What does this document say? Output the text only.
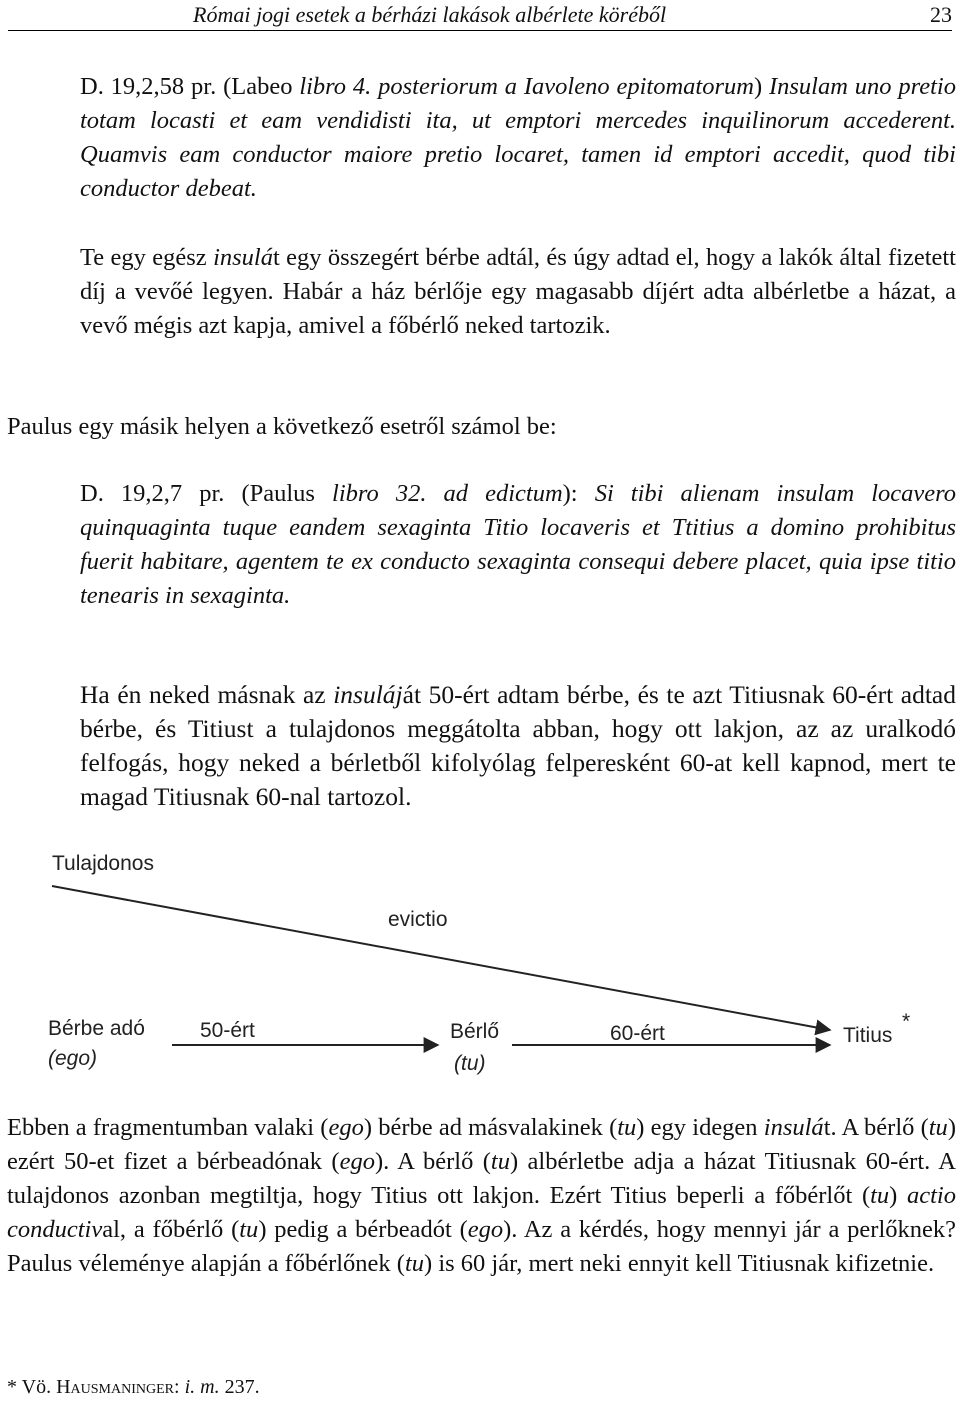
Római jogi esetek a bérházi lakások albérlete köréből	23

D. 19,2,58 pr. (Labeo libro 4. posteriorum a Iavoleno epitomatorum) Insulam uno pretio totam locasti et eam vendidisti ita, ut emptori mercedes inquilinorum accederent. Quamvis eam conductor maiore pretio locaret, tamen id emptori accedit, quod tibi conductor debeat.

Te egy egész insulát egy összegért bérbe adtál, és úgy adtad el, hogy a lakók által fizetett díj a vevőé legyen. Habár a ház bérlője egy magasabb díjért adta albérletbe a házat, a vevő mégis azt kapja, amivel a főbérlő neked tartozik.

Paulus egy másik helyen a következő esetről számol be:

D. 19,2,7 pr. (Paulus libro 32. ad edictum): Si tibi alienam insulam locavero quinquaginta tuque eandem sexaginta Titio locaveris et Ttitius a domino prohibitus fuerit habitare, agentem te ex conducto sexaginta consequi debere placet, quia ipse titio tenearis in sexaginta.

Ha én neked másnak az insuláját 50-ért adtam bérbe, és te azt Titiusnak 60-ért adtad bérbe, és Titiust a tulajdonos meggátolta abban, hogy ott lakjon, az az uralkodó felfogás, hogy neked a bérletből kifolyólag felperesként 60-at kell kapnod, mert te magad Titiusnak 60-nal tartozol.

Tulajdonos
evictio
Bérbe adó
(ego)
50-ért	Bérlő
(tu)
60-ért	Titius
*

Ebben a fragmentumban valaki (ego) bérbe ad másvalakinek (tu) egy idegen insulát. A bérlő (tu) ezért 50-et fizet a bérbeadónak (ego). A bérlő (tu) albérletbe adja a házat Titiusnak 60-ért. A tulajdonos azonban megtiltja, hogy Titius ott lakjon. Ezért Titius beperli a főbérlőt (tu) actio conductival, a főbérlő (tu) pedig a bérbeadót (ego). Az a kérdés, hogy mennyi jár a perlőknek? Paulus véleménye alapján a főbérlőnek (tu) is 60 jár, mert neki ennyit kell Titiusnak kifizetnie.

* Vö. Hausmaninger: i. m. 237.
